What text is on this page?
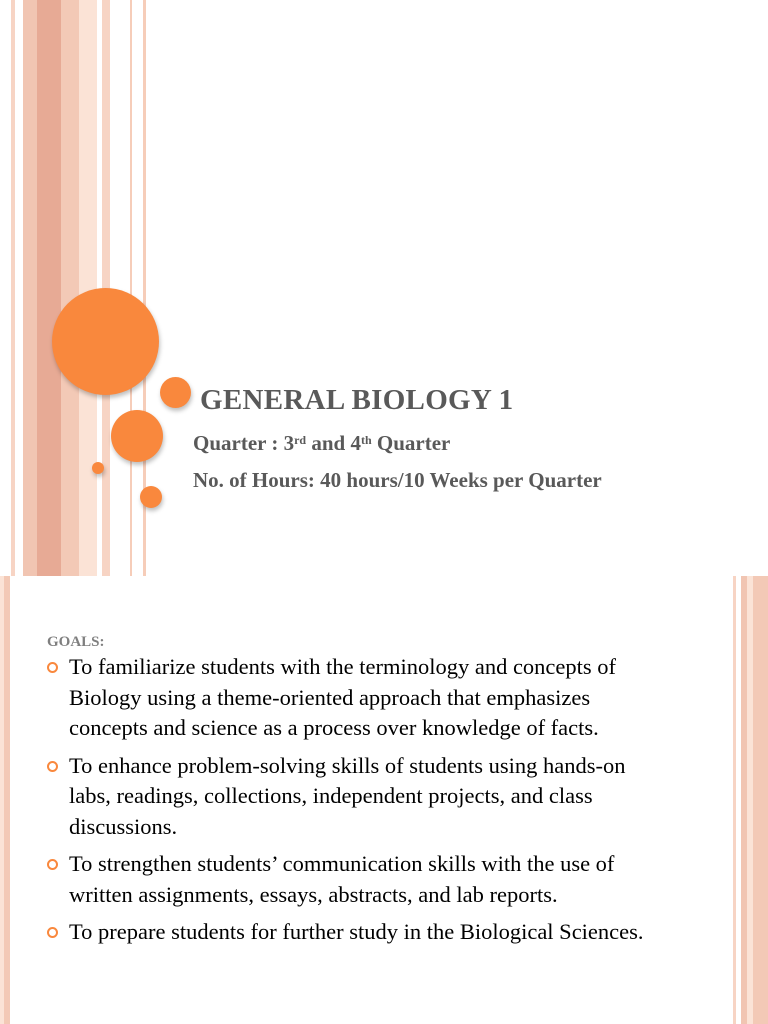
GENERAL BIOLOGY 1
Quarter : 3rd and 4th Quarter
No. of Hours: 40 hours/10 Weeks per Quarter
GOALS:
To familiarize students with the terminology and concepts of Biology using a theme-oriented approach that emphasizes concepts and science as a process over knowledge of facts.
To enhance problem-solving skills of students using hands-on labs, readings, collections, independent projects, and class discussions.
To strengthen students’ communication skills with the use of written assignments, essays, abstracts, and lab reports.
To prepare students for further study in the Biological Sciences.
